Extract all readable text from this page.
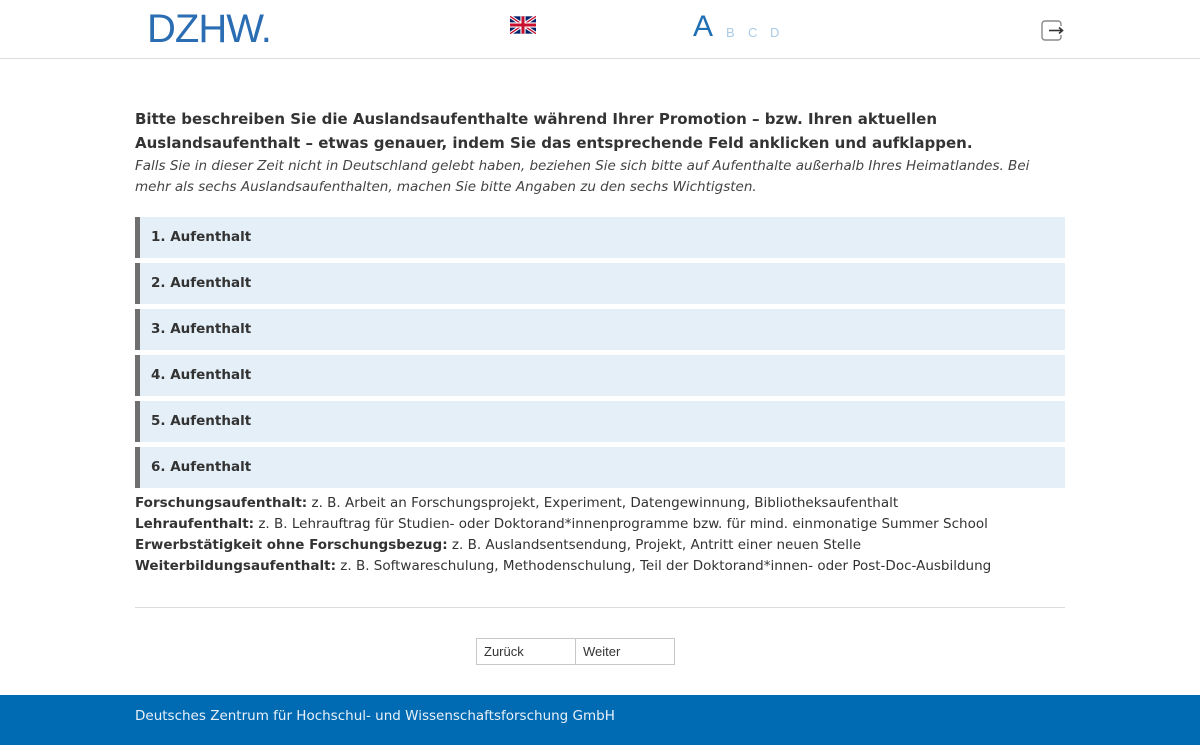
DZHW.	A B C D
Bitte beschreiben Sie die Auslandsaufenthalte während Ihrer Promotion – bzw. Ihren aktuellen Auslandsaufenthalt – etwas genauer, indem Sie das entsprechende Feld anklicken und aufklappen.
Falls Sie in dieser Zeit nicht in Deutschland gelebt haben, beziehen Sie sich bitte auf Aufenthalte außerhalb Ihres Heimatlandes. Bei mehr als sechs Auslandsaufenthalten, machen Sie bitte Angaben zu den sechs Wichtigsten.
1. Aufenthalt
2. Aufenthalt
3. Aufenthalt
4. Aufenthalt
5. Aufenthalt
6. Aufenthalt
Forschungsaufenthalt: z. B. Arbeit an Forschungsprojekt, Experiment, Datengewinnung, Bibliotheksaufenthalt
Lehraufenthalt: z. B. Lehrauftrag für Studien- oder Doktorand*innenprogramme bzw. für mind. einmonatige Summer School
Erwerbstätigkeit ohne Forschungsbezug: z. B. Auslandsentsendung, Projekt, Antritt einer neuen Stelle
Weiterbildungsaufenthalt: z. B. Softwareschulung, Methodenschulung, Teil der Doktorand*innen- oder Post-Doc-Ausbildung
Zurück	Weiter
Deutsches Zentrum für Hochschul- und Wissenschaftsforschung GmbH
